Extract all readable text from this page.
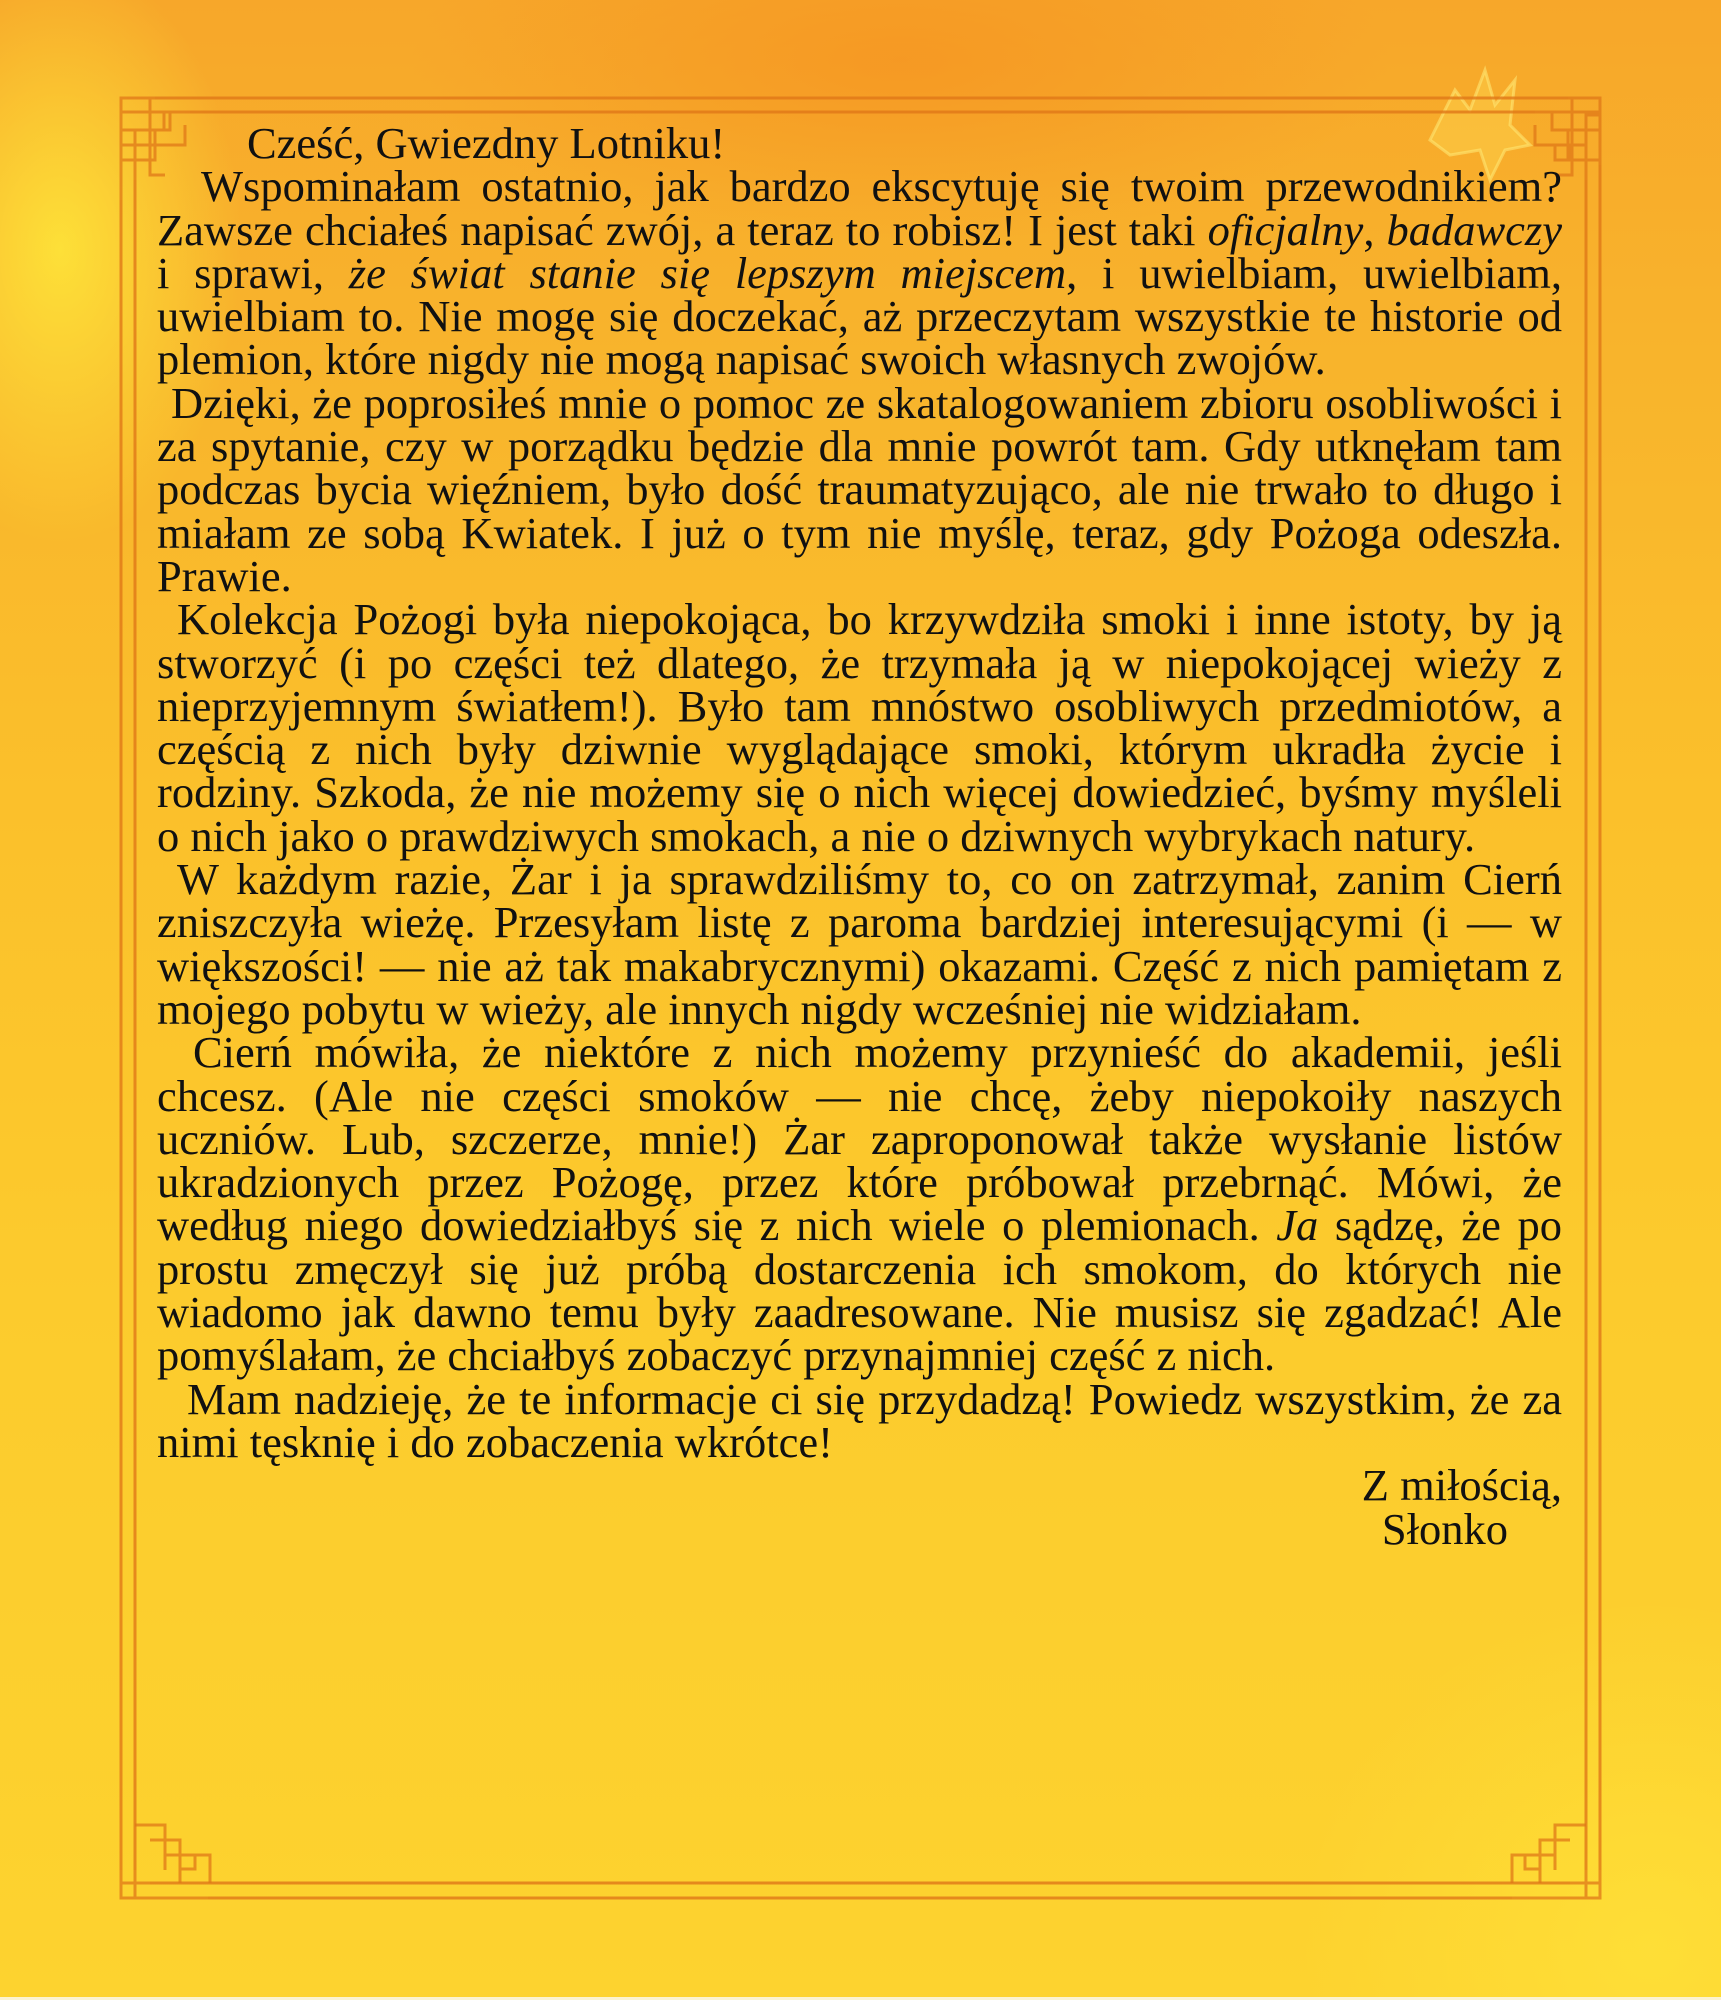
Cześć, Gwiezdny Lotniku!

Wspominałam ostatnio, jak bardzo ekscytuję się twoim przewodnikiem? Zawsze chciałeś napisać zwój, a teraz to robisz! I jest taki oficjalny, badawczy i sprawi, że świat stanie się lepszym miejscem, i uwielbiam, uwielbiam, uwielbiam to. Nie mogę się doczekać, aż przeczytam wszystkie te historie od plemion, które nigdy nie mogą napisać swoich własnych zwojów.

Dzięki, że poprosiłeś mnie o pomoc ze skatalogowaniem zbioru osobliwości i za spytanie, czy w porządku będzie dla mnie powrót tam. Gdy utknęłam tam podczas bycia więźniem, było dość traumatyzująco, ale nie trwało to długo i miałam ze sobą Kwiatek. I już o tym nie myślę, teraz, gdy Pożoga odeszła. Prawie.

Kolekcja Pożogi była niepokojąca, bo krzywdziła smoki i inne istoty, by ją stworzyć (i po części też dlatego, że trzymała ją w niepokojącej wieży z nieprzyjemnym światłem!). Było tam mnóstwo osobliwych przedmiotów, a częścią z nich były dziwnie wyglądające smoki, którym ukradła życie i rodziny. Szkoda, że nie możemy się o nich więcej dowiedzieć, byśmy myśleli o nich jako o prawdziwych smokach, a nie o dziwnych wybrykach natury.

W każdym razie, Żar i ja sprawdziliśmy to, co on zatrzymał, zanim Cierń zniszczyła wieżę. Przesyłam listę z paroma bardziej interesującymi (i — w większości! — nie aż tak makabrycznymi) okazami. Część z nich pamiętam z mojego pobytu w wieży, ale innych nigdy wcześniej nie widziałam.

Cierń mówiła, że niektóre z nich możemy przynieść do akademii, jeśli chcesz. (Ale nie części smoków — nie chcę, żeby niepokoiły naszych uczniów. Lub, szczerze, mnie!) Żar zaproponował także wysłanie listów ukradzionych przez Pożogę, przez które próbował przebrnąć. Mówi, że według niego dowiedziałbyś się z nich wiele o plemionach. Ja sądzę, że po prostu zmęczył się już próbą dostarczenia ich smokom, do których nie wiadomo jak dawno temu były zaadresowane. Nie musisz się zgadzać! Ale pomyślałam, że chciałbyś zobaczyć przynajmniej część z nich.

Mam nadzieję, że te informacje ci się przydadzą! Powiedz wszystkim, że za nimi tęsknię i do zobaczenia wkrótce!

Z miłością,

Słonko
